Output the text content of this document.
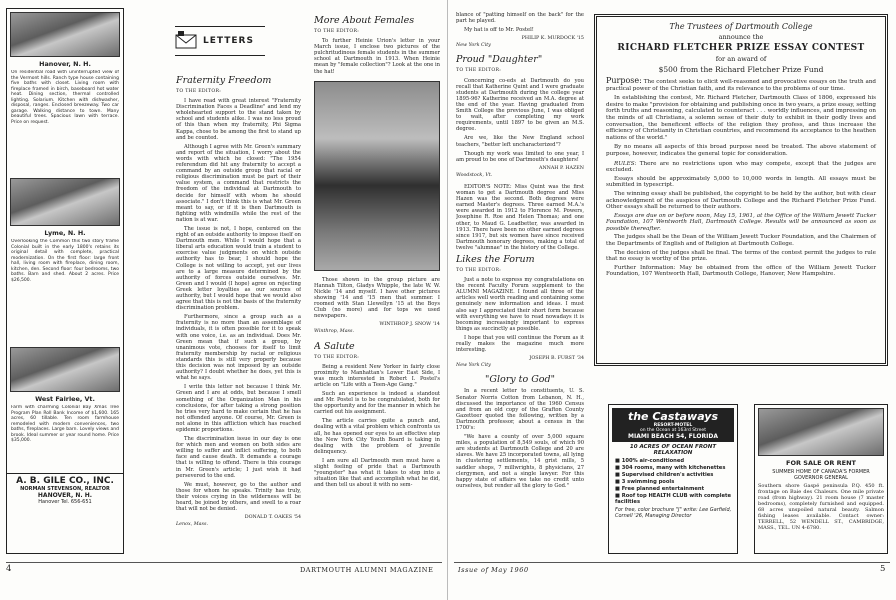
Hanover, N. H.
On residential road with uninterrupted view of the Vermont hills. Ranch type house containing five baths with closet. Living room with fireplace framed in birch, baseboard hot water heat. Dining section, thermal controlled lighting. Solarium. Kitchen with dishwasher, disposal, ranges. Enclosed breezeway. Two car garage. Walking distance to town. Many beautiful trees. Spacious lawn with terrace. Price on request.
Lyme, N. H.
Overlooking the Common this two story frame Colonial built in the early 1800's retains its original detail with complete, practical modernization. On the first floor: large front hall, living room with fireplace, dining room, kitchen, den. Second floor: four bedrooms, two baths. Barn and shed. About 2 acres. Price $26,500.
West Fairlee, Vt.
Farm with charming Colonial Bay Xmas Tree Program Plan Roll Bank Income of $1,600. 165 acres, 60 tillable. Ten room farmhouse remodeled with modern conveniences, two baths, fireplaces. Large barn. Lovely views and brook. Ideal summer or year round home. Price $35,000.
A. B. GILE CO., INC.
NORMAN STEVENSON, REALTOR
HANOVER, N. H.
Hanover Tel. 656-651
LETTERS
Fraternity Freedom

TO THE EDITOR:

I have read with great interest "Fraternity Discrimination Faces a Deadline" and lend my wholehearted support to the stand taken by school and students alike. I was no less proud of this than when my fraternity, Phi Sigma Kappa, chose to be among the first to stand up and be counted.

Although I agree with Mr. Green's summary and report of the situation, I worry about the words with which he closed: "The 1954 referendum did hit any fraternity to accept a command by an outside group that racial or religious discrimination must be part of their value system, a command that restricts the freedom of the individual at Dartmouth to decide for himself with whom he should associate." I don't think this is what Mr. Green meant to say, or if it is then Dartmouth is fighting with windmills while the rest of the nation is at war.

The issue is not, I hope, centered on the right of an outside authority to impose itself on Dartmouth men. While I would hope that a liberal arts education would train a student to exercise value judgments on which outside authority has to bear, I should hope the College is not willing to accept, yet our lives are to a large measure determined by the authority of forces outside ourselves. Mr. Green and I would (I hope) agree on rejecting Greek letter loyalties as our sources of authority, but I would hope that we would also agree that this is not the basis of the fraternity discrimination problem.

Furthermore, since a group such as a fraternity is no more than an assemblage of individuals, it is often possible for it to speak with one voice, i.e. as an individual. Does Mr. Green mean that if such a group, by unanimous vote, chooses for itself to limit fraternity membership by racial or religious standards this is still very properly because this decision was not imposed by an outside authority? I doubt whether he does, yet this is what he says.

I write this letter not because I think Mr. Green and I are at odds, but because I smell something of the Organization Man in his conclusions, for after taking a strong position he tries very hard to make certain that he has not offended anyone. Of course, Mr. Green is not alone in this affliction which has reached epidemic proportions.

The discrimination issue in our day is one for which men and women on both sides are willing to suffer and inflict suffering, to both face and cause death. It demands a courage that is willing to offend. There is this courage in Mr. Green's article; I just wish it had persevered to the end.

We must, however, go to the author and those for whom he speaks. Trinity has truly, their voices crying in the wilderness will be heard, be joined by others, and swell to a roar that will not be denied.

DONALD T. OAKES '54
Lenox, Mass.
More About Females

TO THE EDITOR:

To further Heinie Urion's letter in your March issue, I enclose two pictures of the pulchritudinous female students in the summer school at Dartmouth in 1913. When Heinie mean by "female collection"? Look at the one in the hat!

Those shown in the group picture are Hannah Tilton, Gladys Whipple, the late W. W. Nickle '14 and myself. I have other pictures showing '14 and '15 men that summer. I roomed with Stan Llewellyn '15 at the Boys Club (no more) and for tops we used newspapers.

WINTHROP J. SNOW '14
Winthrop, Mass.
A Salute

TO THE EDITOR:

Being a resident New Yorker in fairly close proximity to Manhattan's Lower East Side, I was much interested in Robert I. Postel's article on "Life with a Teen-Age Gang."

Such an experience is indeed a standout and Mr. Postel is to be congratulated, both for the opportunity and for the manner in which he carried out his assignment.

The article carries quite a punch and, dealing with a vital problem which confronts us all, he has opened our eyes to an effective step the New York City Youth Board is taking in dealing with the problem of juvenile delinquency.

I am sure all Dartmouth men must have a slight feeling of pride that a Dartmouth "youngster" has what it takes to step into a situation like that and accomplish what he did, and then tell us about it with no sem-

4	DARTMOUTH ALUMNI MAGAZINE

blance of "patting himself on the back" for the part he played.

My hat is off to Mr. Postel!

PHILIP K. MURDOCK '15
New York City
Proud "Daughter"

TO THE EDITOR:

Concerning co-eds at Dartmouth do you recall that Katherine Quint and I were graduate students at Dartmouth during the college year 1895-96? Katherine received an M.A. degree at the end of the year. Having graduated from Smith College the previous June, I was obliged to wait, after completing my work requirements, until 1897 to be given an M.S. degree.

Are we, like the New England school teachers, "better left uncharacterized"?

Though my work was limited to one year, I am proud to be one of Dartmouth's daughters!

ANNAH P. HAZEN
Woodstock, Vt.

EDITOR'S NOTE: Miss Quint was the first woman to get a Dartmouth degree and Miss Hazen was the second. Both degrees were earned Master's degrees. Three earned M.A.'s were awarded in 1912 to Florence M. Powers, Josephine R. Roe and Helen Thomas; and one other, to Maud G. Leadbetter, was awarded in 1913. There have been no other earned degrees since 1917, but six women have since received Dartmouth honorary degrees, making a total of twelve "alumnae" in the history of the College.

Likes the Forum

TO THE EDITOR:

Just a note to express my congratulations on the recent Faculty Forum supplement to the ALUMNI MAGAZINE. I found all three of the articles well worth reading and containing some genuinely new information and ideas. I must also say I appreciated their short form because with everything we have to read nowadays it is becoming increasingly important to express things as succinctly as possible.

I hope that you will continue the Forum as it really makes the magazine much more interesting.

JOSEPH B. FURST '34
New York City
"Glory to God"

In a recent letter to constituents, U. S. Senator Norris Cotton from Lebanon, N. H., discussed the importance of the 1960 Census and from an old copy of the Grafton County Gazetteer quoted the following, written by a Dartmouth professor, about a census in the 1700's:

"We have a county of over 5,000 square miles, a population of 8,549 souls, of which 90 are students at Dartmouth College and 20 are slaves. We have 25 incorporated towns, all lying in clustering settlements, 14 grist mills, 5 saddler shops, 7 millwrights, 8 physicians, 27 clergymen, and not a single lawyer. For this happy state of affairs we take no credit unto ourselves, but render all the glory to God."

The Trustees of Dartmouth College
announce the
RICHARD FLETCHER PRIZE ESSAY CONTEST
for an award of
$500 from the Richard Fletcher Prize Fund

Purpose: The contest seeks to elicit well-reasoned and provocative essays on the truth and practical power of the Christian faith, and its relevance to the problems of our time.

In establishing the contest, Mr. Richard Fletcher, Dartmouth Class of 1806, expressed his desire to make "provision for obtaining and publishing once in two years, a prize essay, setting forth truths and reasoning, calculated to counteract . . . worldly influences, and impressing on the minds of all Christians, a solemn sense of their duty to exhibit in their godly lives and conversation, the beneficent effects of the religion they profess, and thus increase the efficiency of Christianity in Christian countries, and recommend its acceptance to the heathen nations of the world."

By no means all aspects of this broad purpose need be treated. The above statement of purpose, however, indicates the general topic for consideration.

RULES: There are no restrictions upon who may compete, except that the judges are excluded.

Essays should be approximately 5,000 to 10,000 words in length. All essays must be submitted in typescript.

The winning essay shall be published, the copyright to be held by the author, but with clear acknowledgment of the auspices of Dartmouth College and the Richard Fletcher Prize Fund. Other essays shall be returned to their authors.

Essays are due on or before noon, May 15, 1961, at the Office of the William Jewett Tucker Foundation, 107 Wentworth Hall, Dartmouth College. Results will be announced as soon as possible thereafter.

The judges shall be the Dean of the William Jewett Tucker Foundation, and the Chairmen of the Departments of English and of Religion at Dartmouth College.

The decision of the judges shall be final. The terms of the contest permit the judges to rule that no essay is worthy of the prize.

Further Information: May be obtained from the office of the William Jewett Tucker Foundation, 107 Wentworth Hall, Dartmouth College, Hanover, New Hampshire.

the Castaways
RESORT-MOTEL
on the Ocean at 163rd Street
MIAMI BEACH 54, FLORIDA
10 ACRES OF OCEAN FRONT RELAXATION
■ 100% air-conditioned
■ 304 rooms, many with kitchenettes
■ Supervised children's activities
■ 3 swimming pools
■ Free planned entertainment
■ Roof top HEALTH CLUB with complete facilities
For free, color brochure "J" write: Lee Garfield, Cornell '26, Managing Director
FOR SALE OR RENT
SUMMER HOME OF CANADA'S FORMER GOVERNOR GENERAL
Southern shore Gaspé peninsula P.Q. 450 ft. frontage on Baie des Chaleurs. One mile private road (from highway). 21 room house (7 master bedrooms), completely furnished and equipped. 68 acres unspoiled natural beauty. Salmon fishing leases available. Contact owner: TERRELL, 52 WENDELL ST., CAMBRIDGE, MASS., TEL. UN 4-6780.
Issue of May 1960	5
